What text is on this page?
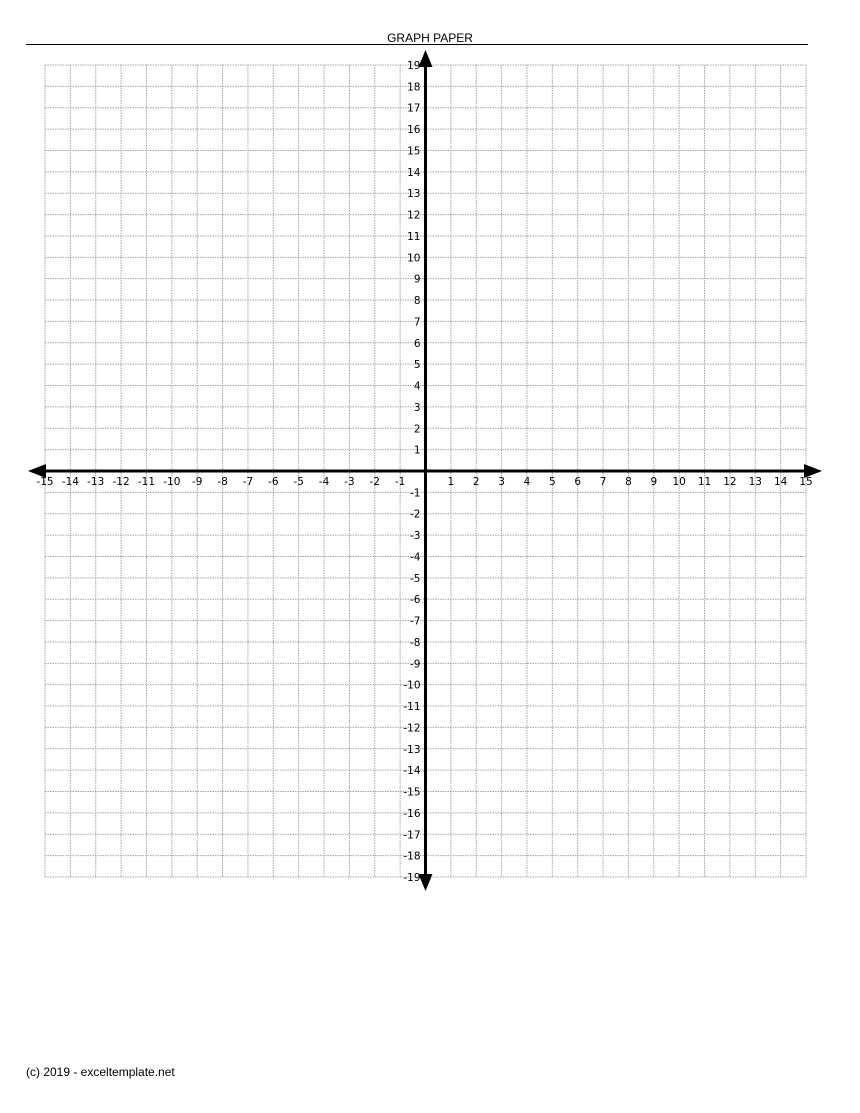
GRAPH PAPER
-15 -14 -13 -12 -11 -10 -9 -8 -7 -6 -5 -4 -3 -2 -1	1 2 3 4 5 6 7 8 9 10 11 12 13 14 15
19
18
17
16
15
14
13
12
11
10
9
8
7
6
5
4
3
2
1
-1
-2
-3
-4
-5
-6
-7
-8
-9
-10
-11
-12
-13
-14
-15
-16
-17
-18
-19
(c) 2019 - exceltemplate.net
